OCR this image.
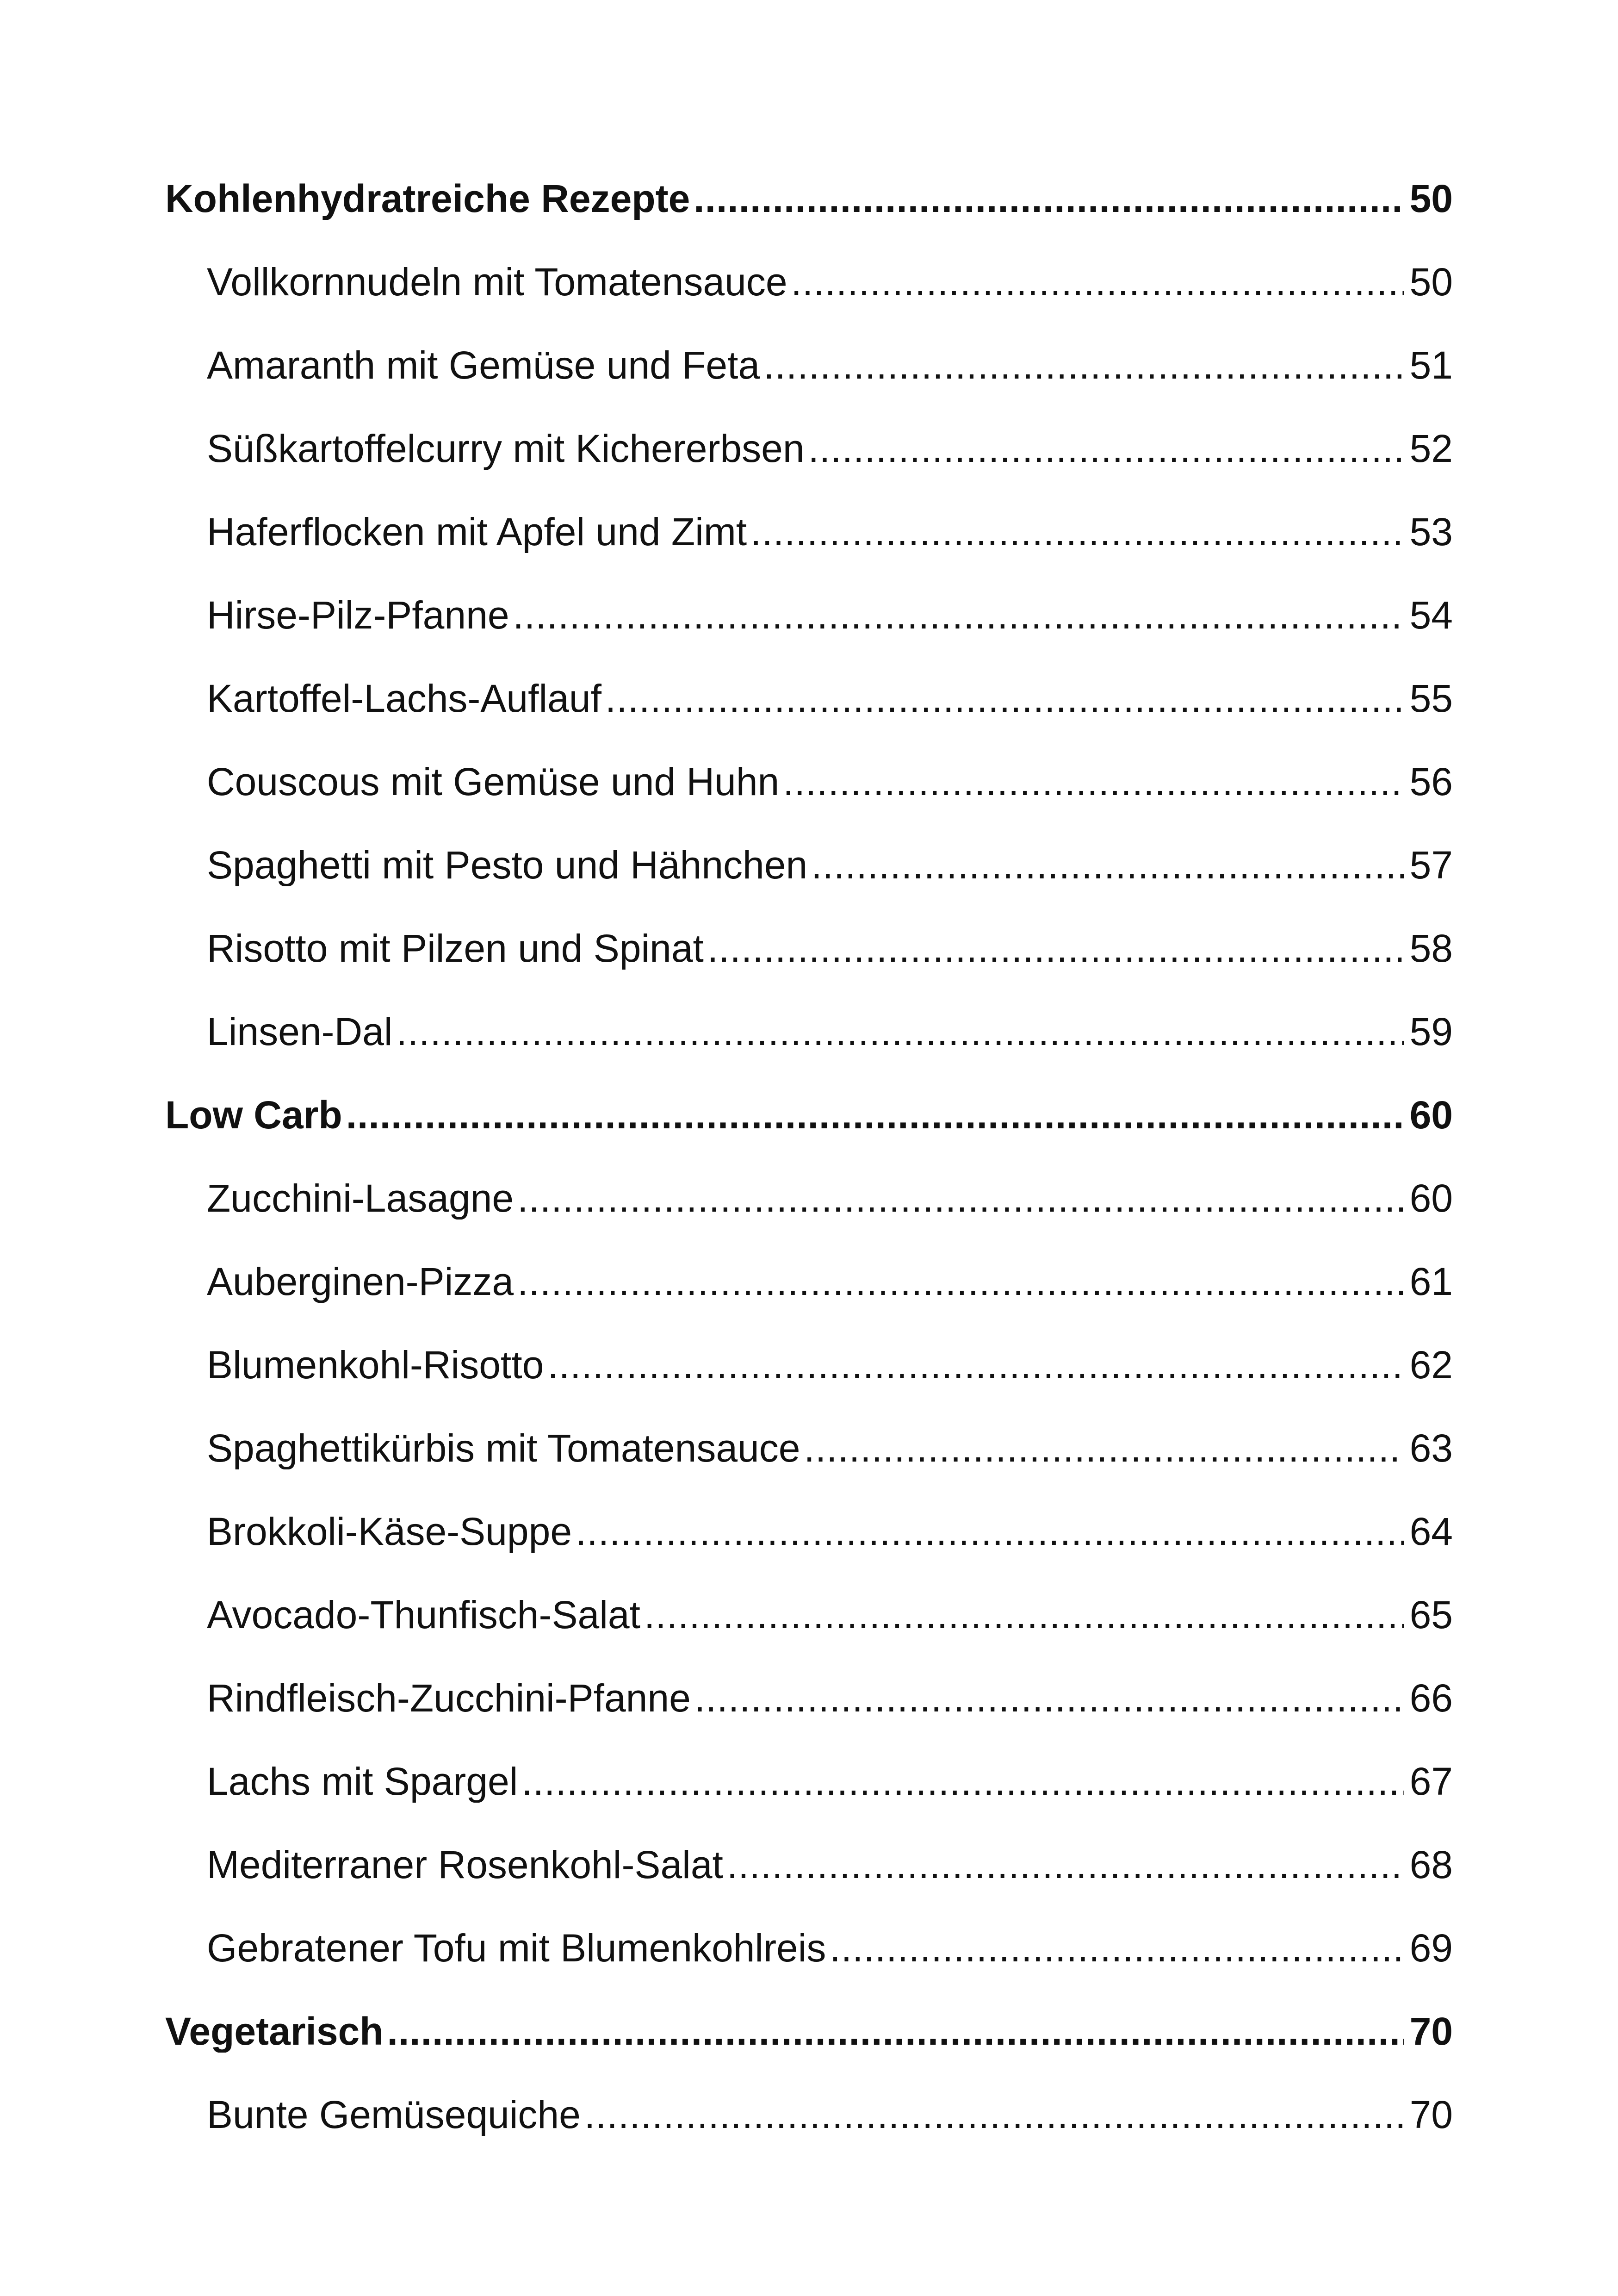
Kohlenhydratreiche Rezepte .....	50
Vollkornnudeln mit Tomatensauce .....	50
Amaranth mit Gemüse und Feta .....	51
Süßkartoffelcurry mit Kichererbsen .....	52
Haferflocken mit Apfel und Zimt .....	53
Hirse-Pilz-Pfanne .....	54
Kartoffel-Lachs-Auflauf .....	55
Couscous mit Gemüse und Huhn .....	56
Spaghetti mit Pesto und Hähnchen .....	57
Risotto mit Pilzen und Spinat .....	58
Linsen-Dal .....	59
Low Carb .....	60
Zucchini-Lasagne .....	60
Auberginen-Pizza .....	61
Blumenkohl-Risotto .....	62
Spaghettikürbis mit Tomatensauce .....	63
Brokkoli-Käse-Suppe .....	64
Avocado-Thunfisch-Salat .....	65
Rindfleisch-Zucchini-Pfanne .....	66
Lachs mit Spargel .....	67
Mediterraner Rosenkohl-Salat .....	68
Gebratener Tofu mit Blumenkohlreis .....	69
Vegetarisch .....	70
Bunte Gemüsequiche .....	70
